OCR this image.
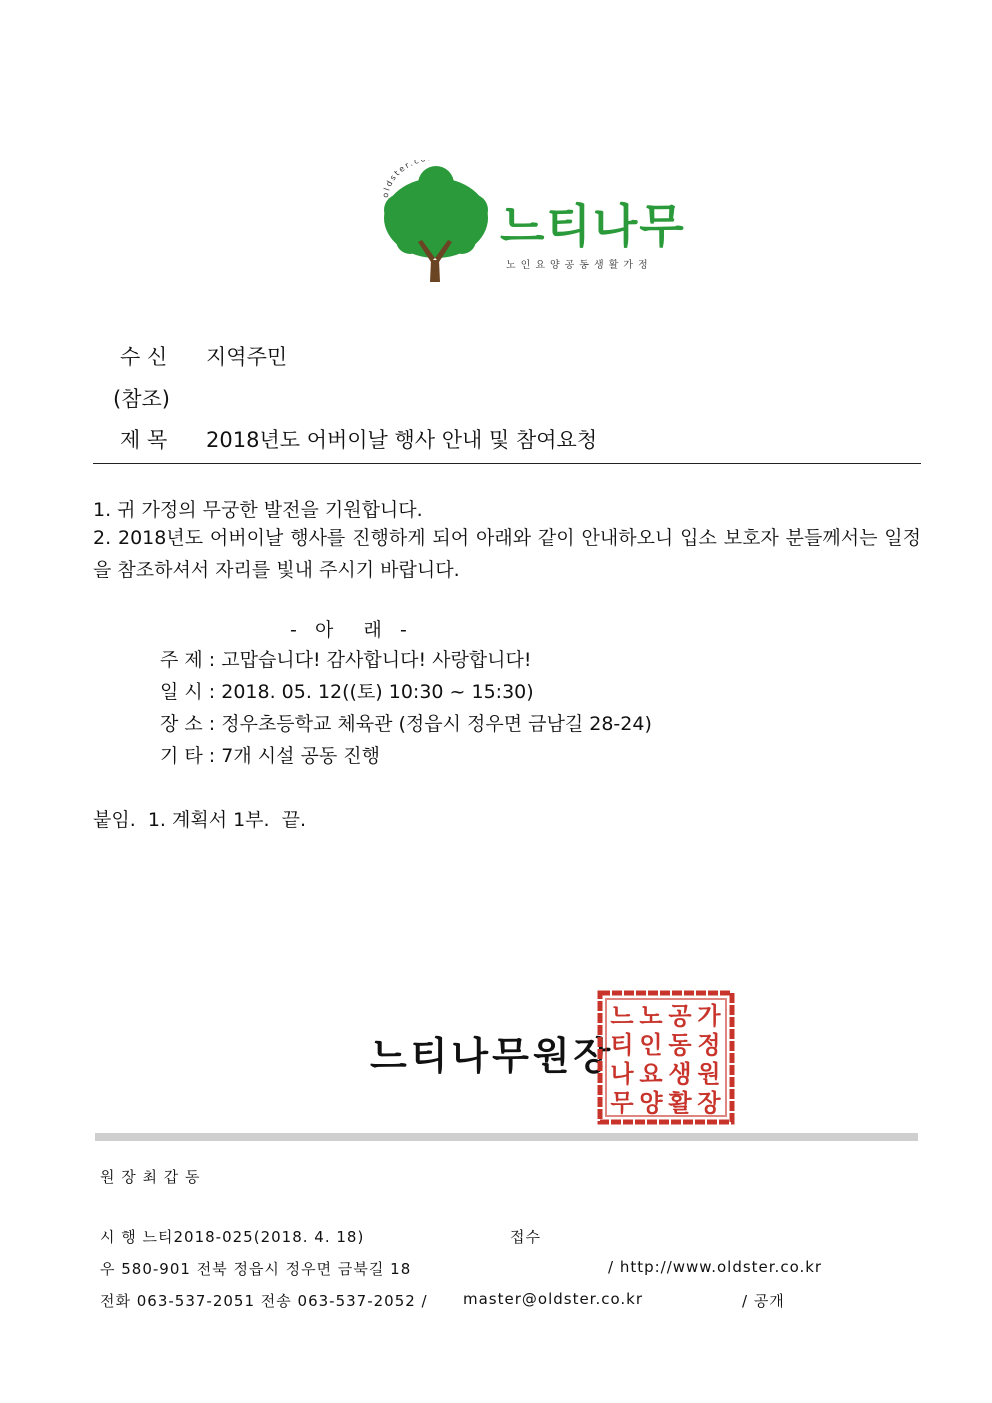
oldster.c
느티나무
노인요양공동생활가정
수 신 지역주민
(참조)
제 목 2018년도 어버이날 행사 안내 및 참여요청
1. 귀 가정의 무궁한 발전을 기원합니다.
2. 2018년도 어버이날 행사를 진행하게 되어 아래와 같이 안내하오니 입소 보호자 분들께서는 일정을 참조하셔서 자리를 빛내 주시기 바랍니다.
-   아     래   -
주 제 : 고맙습니다! 감사합니다! 사랑합니다!
일 시 : 2018. 05. 12((토) 10:30 ~ 15:30)
장 소 : 정우초등학교 체육관 (정읍시 정우면 금남길 28-24)
기 타 : 7개 시설 공동 진행
붙임.  1. 계획서 1부.  끝.
느티나무원장
느
티
나
무
노
인
요
양
공
동
생
활
가
정
원
장
원 장 최 갑 동
시 행 느티2018-025(2018. 4. 18)	접수
우 580-901 전북 정읍시 정우면 금북길 18	/ http://www.oldster.co.kr
전화 063-537-2051 전송 063-537-2052 / master@oldster.co.kr	/ 공개
